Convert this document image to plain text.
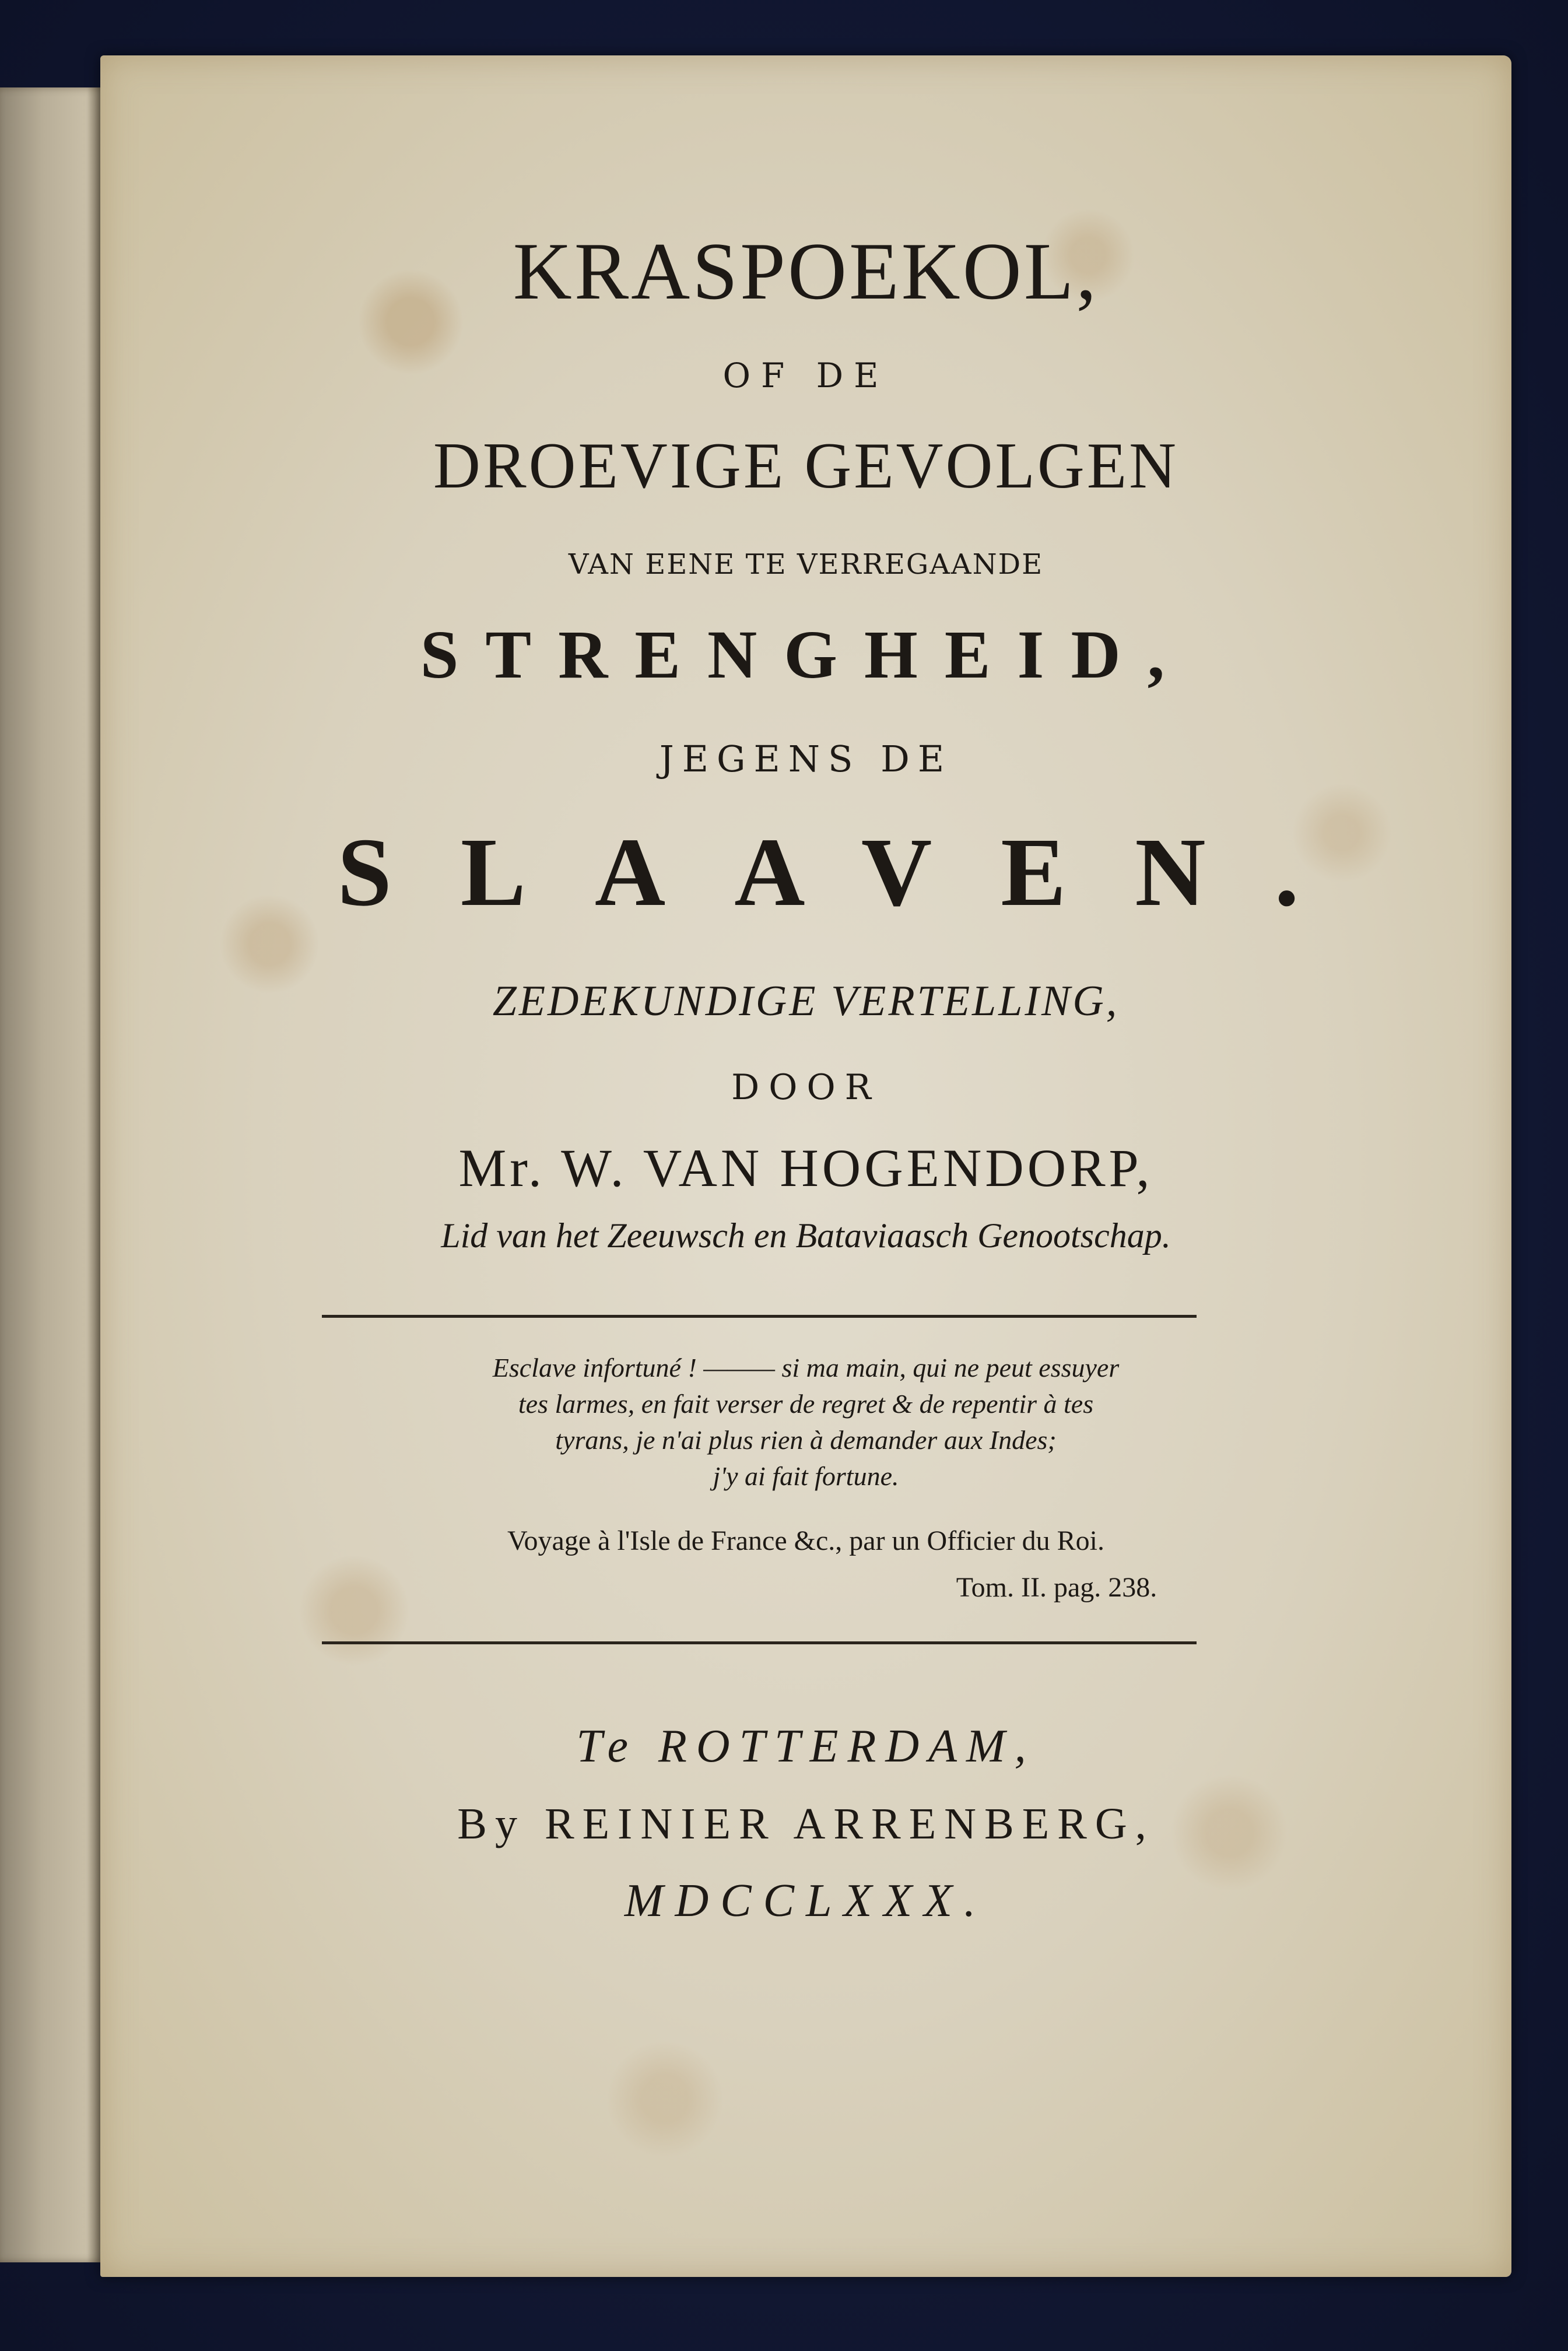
KRASPOEKOL,
OF DE
DROEVIGE GEVOLGEN
VAN EENE TE VERREGAANDE
STRENGHEID,
JEGENS DE
SLAAVEN.
ZEDEKUNDIGE VERTELLING,
DOOR
Mr. W. VAN HOGENDORP,
Lid van het Zeeuwsch en Bataviaasch Genootschap.
Esclave infortuné ! ——— si ma main, qui ne peut essuyer
tes larmes, en fait verser de regret & de repentir à tes
tyrans, je n'ai plus rien à demander aux Indes;
j'y ai fait fortune.
Voyage à l'Isle de France &c., par un Officier du Roi.
Tom. II. pag. 238.
Te ROTTERDAM,
By REINIER ARRENBERG,
MDCCLXXX.
